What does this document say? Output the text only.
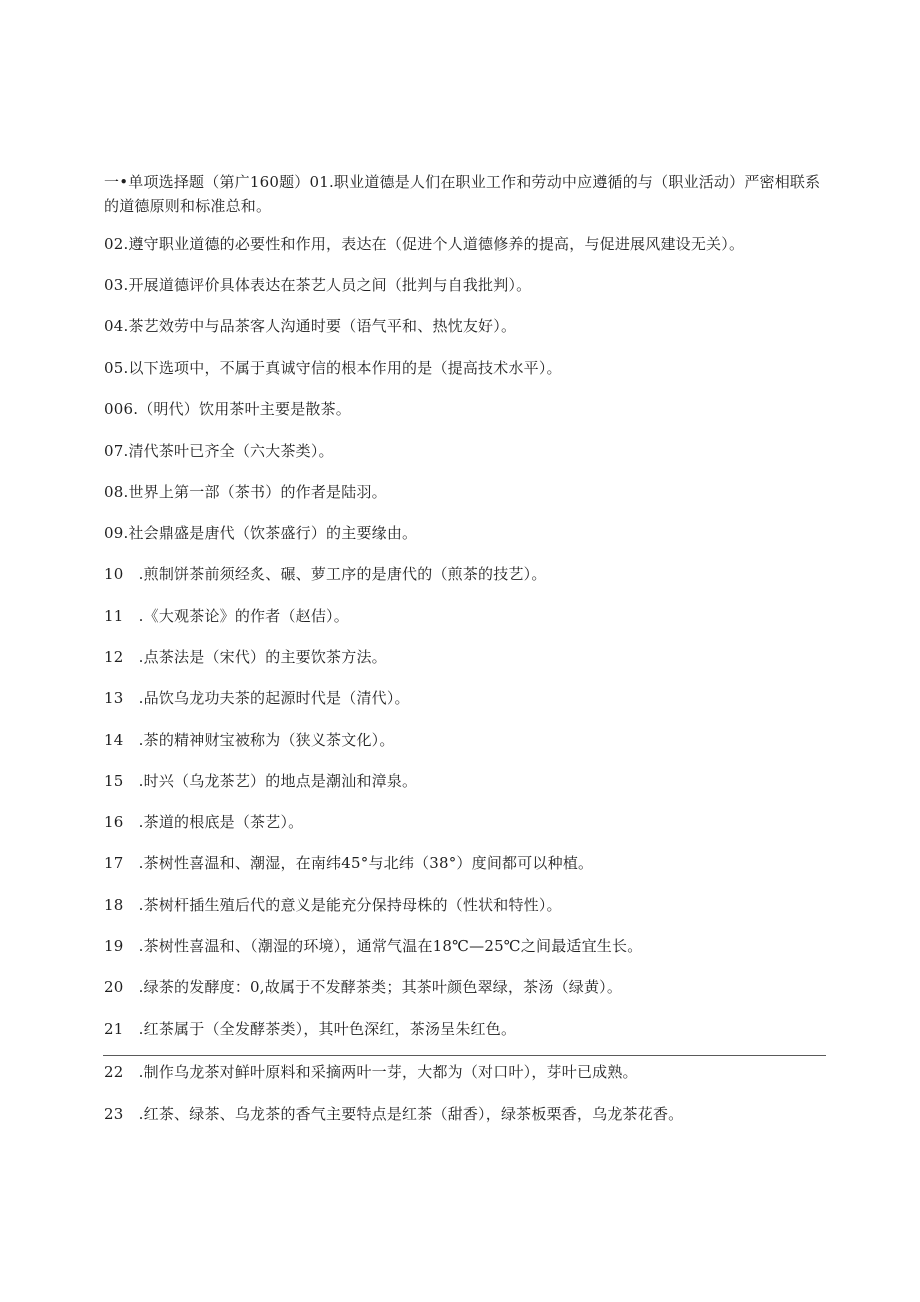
一•单项选择题（第广160题）01.职业道德是人们在职业工作和劳动中应遵循的与（职业活动）严密相联系的道德原则和标准总和。

02.遵守职业道德的必要性和作用，表达在（促进个人道德修养的提高，与促进展风建设无关）。

03.开展道德评价具体表达在茶艺人员之间（批判与自我批判）。

04.茶艺效劳中与品茶客人沟通时要（语气平和、热忱友好）。

05.以下选项中，不属于真诚守信的根本作用的是（提高技术水平）。

006.（明代）饮用茶叶主要是散茶。

07.清代茶叶已齐全（六大茶类）。

08.世界上第一部（茶书）的作者是陆羽。

09.社会鼎盛是唐代（饮茶盛行）的主要缘由。

10　.煎制饼茶前须经炙、碾、萝工序的是唐代的（煎茶的技艺）。

11　.《大观茶论》的作者（赵佶）。

12　.点茶法是（宋代）的主要饮茶方法。

13　.品饮乌龙功夫茶的起源时代是（清代）。

14　.茶的精神财宝被称为（狭义茶文化）。

15　.时兴（乌龙茶艺）的地点是潮汕和漳泉。

16　.茶道的根底是（茶艺）。

17　.茶树性喜温和、潮湿，在南纬45°与北纬（38°）度间都可以种植。

18　.茶树杆插生殖后代的意义是能充分保持母株的（性状和特性）。

19　.茶树性喜温和、（潮湿的环境），通常气温在18℃—25℃之间最适宜生长。

20　.绿茶的发酵度：0,故属于不发酵茶类；其茶叶颜色翠绿，茶汤（绿黄）。

21　.红茶属于（全发酵茶类），其叶色深红，茶汤呈朱红色。

22　.制作乌龙茶对鲜叶原料和采摘两叶一芽，大都为（对口叶），芽叶已成熟。

23　.红茶、绿茶、乌龙茶的香气主要特点是红茶（甜香），绿茶板栗香，乌龙茶花香。
